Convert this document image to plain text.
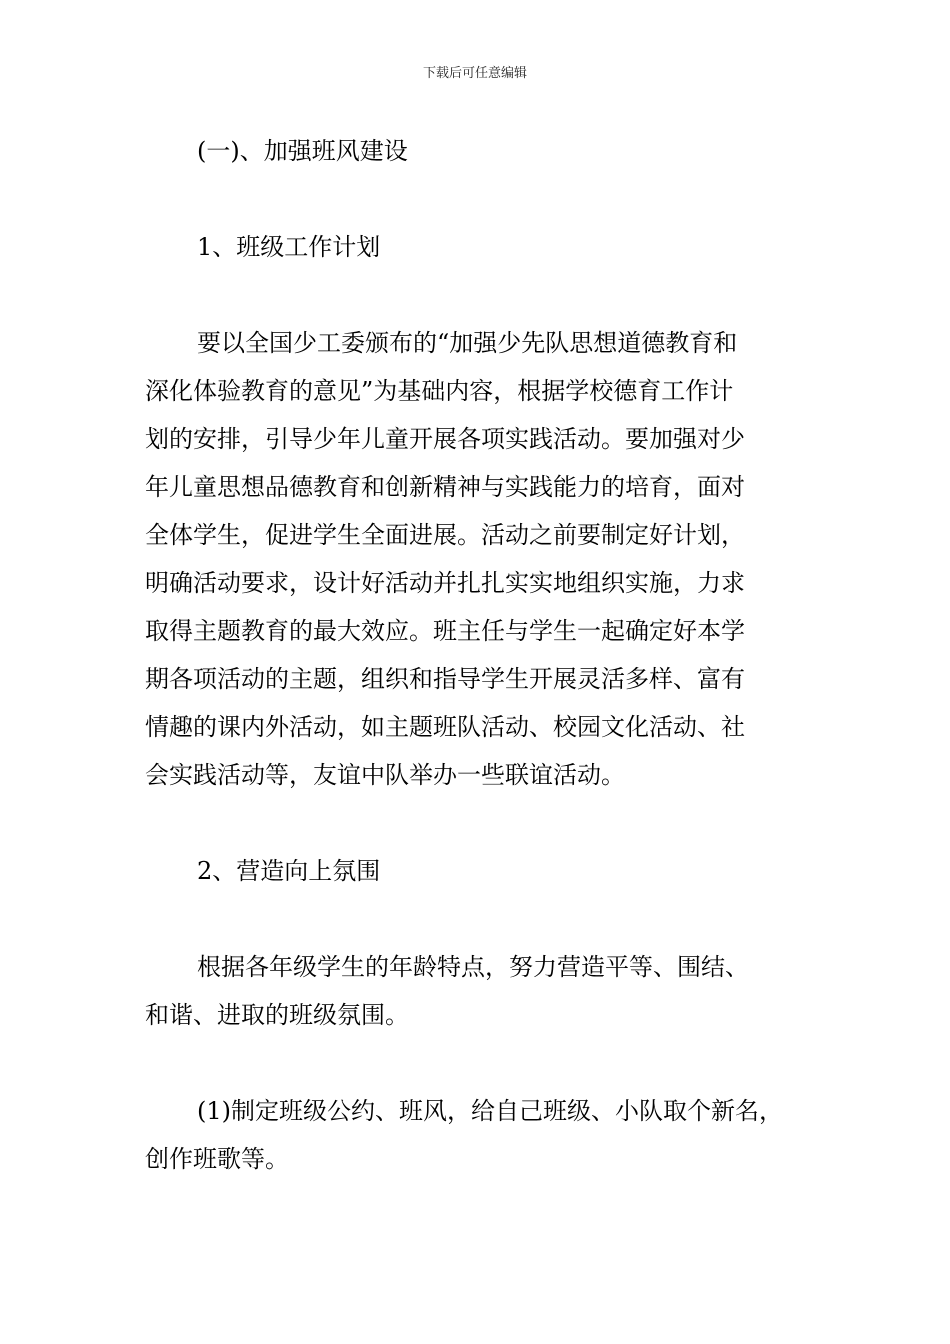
下载后可任意编辑
(一)、加强班风建设
1、班级工作计划
要以全国少工委颁布的“加强少先队思想道德教育和
深化体验教育的意见”为基础内容，根据学校德育工作计
划的安排，引导少年儿童开展各项实践活动。要加强对少
年儿童思想品德教育和创新精神与实践能力的培育，面对
全体学生，促进学生全面进展。活动之前要制定好计划，
明确活动要求，设计好活动并扎扎实实地组织实施，力求
取得主题教育的最大效应。班主任与学生一起确定好本学
期各项活动的主题，组织和指导学生开展灵活多样、富有
情趣的课内外活动，如主题班队活动、校园文化活动、社
会实践活动等，友谊中队举办一些联谊活动。
2、营造向上氛围
根据各年级学生的年龄特点，努力营造平等、围结、
和谐、进取的班级氛围。
(1)制定班级公约、班风，给自己班级、小队取个新名，
创作班歌等。
